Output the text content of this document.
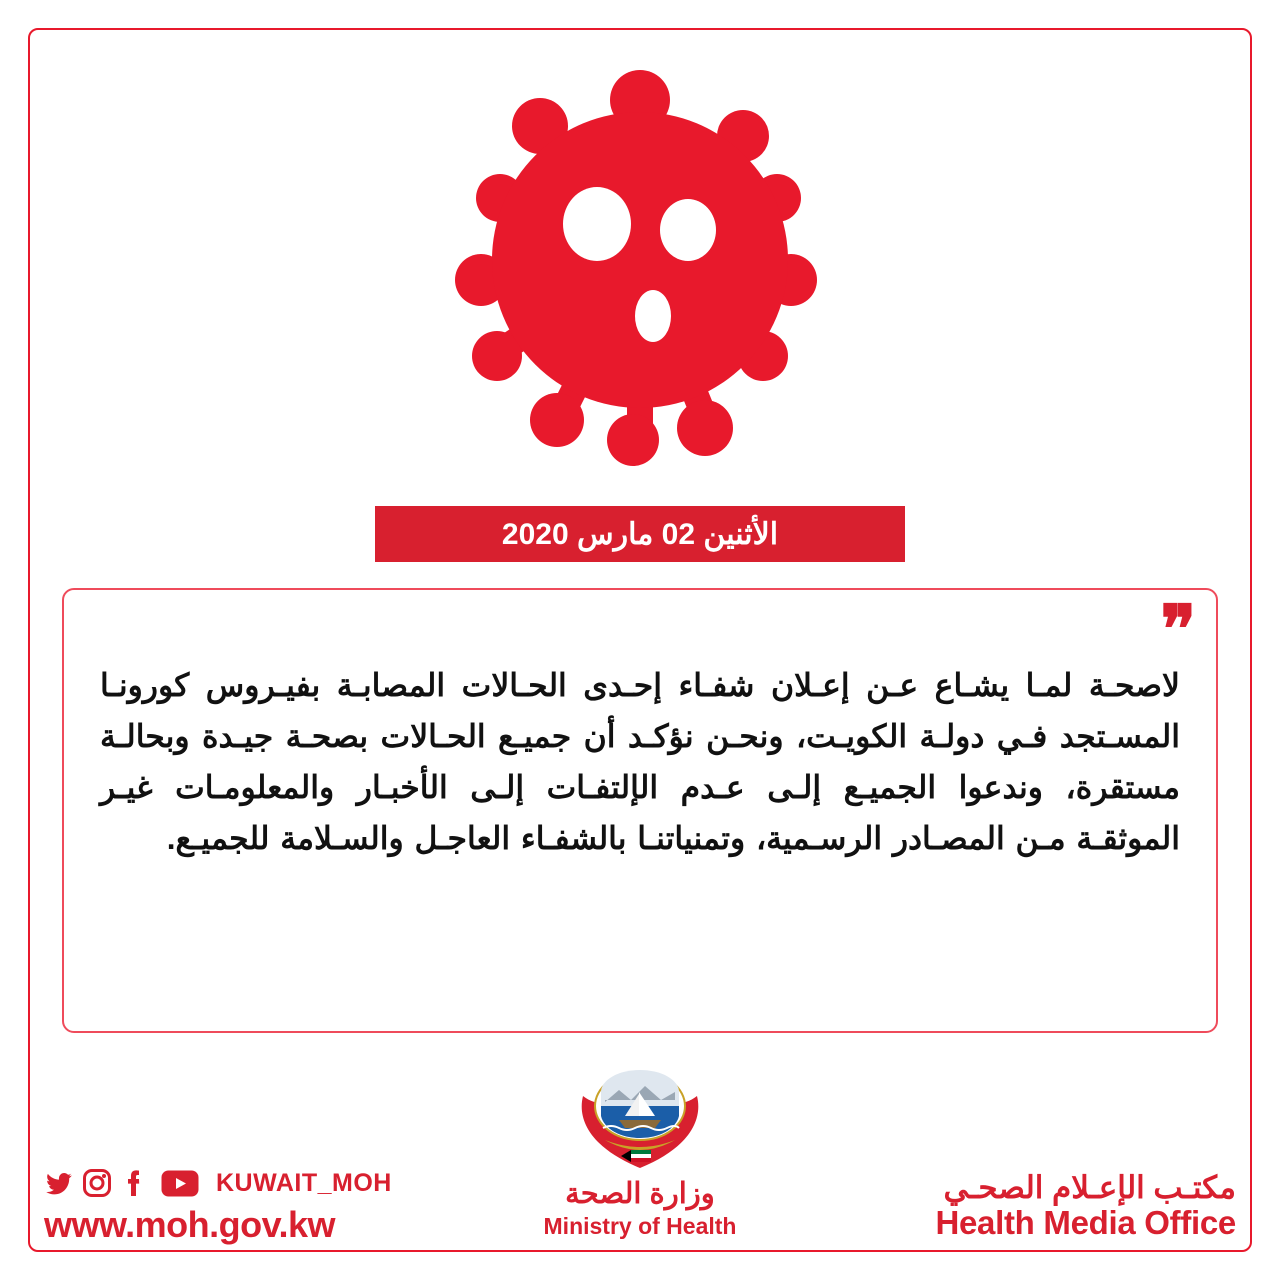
الأثنين 02 مارس 2020
❞

لاصحـة لمـا يشـاع عـن إعـلان شفـاء إحـدى الحـالات المصابـة بفيـروس كورونـا المسـتجد فـي دولـة الكويـت، ونحـن نؤكـد أن جميـع الحـالات بصحـة جيـدة وبحالـة مستقرة، وندعوا الجميـع إلـى عـدم الإلتفـات إلـى الأخبـار والمعلومـات غيـر الموثقـة مـن المصـادر الرسـمية، وتمنياتنـا بالشفـاء العاجـل والسـلامة للجميـع.

KUWAIT_MOH
www.moh.gov.kw
وزارة الصحة
Ministry of Health
مكتـب الإعـلام الصحـي
Health Media Office
